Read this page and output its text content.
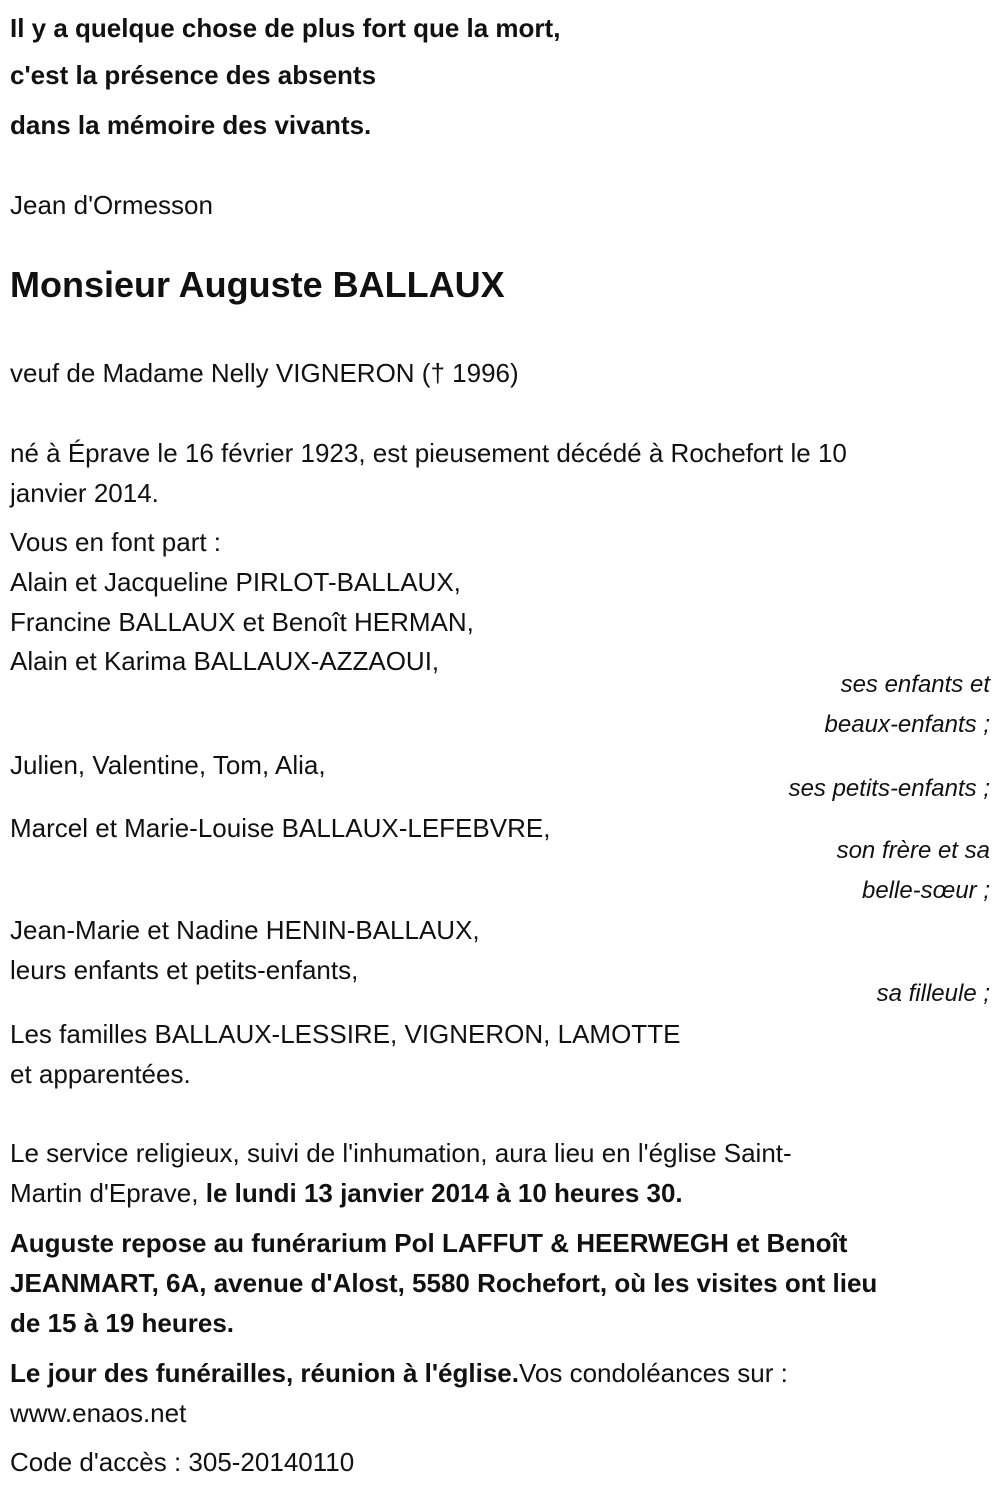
Il y a quelque chose de plus fort que la mort,
c'est la présence des absents
dans la mémoire des vivants.
Jean d'Ormesson
Monsieur Auguste BALLAUX
veuf de Madame Nelly VIGNERON († 1996)
né à Éprave le 16 février 1923, est pieusement décédé à Rochefort le 10
janvier 2014.
Vous en font part :
Alain et Jacqueline PIRLOT-BALLAUX,
Francine BALLAUX et Benoît HERMAN,
Alain et Karima BALLAUX-AZZAOUI,
ses enfants et
beaux-enfants ;
Julien, Valentine, Tom, Alia,
ses petits-enfants ;
Marcel et Marie-Louise BALLAUX-LEFEBVRE,
son frère et sa
belle-sœur ;
Jean-Marie et Nadine HENIN-BALLAUX,
leurs enfants et petits-enfants,
sa filleule ;
Les familles BALLAUX-LESSIRE, VIGNERON, LAMOTTE
et apparentées.
Le service religieux, suivi de l'inhumation, aura lieu en l'église Saint-
Martin d'Eprave, le lundi 13 janvier 2014 à 10 heures 30.
Auguste repose au funérarium Pol LAFFUT & HEERWEGH et Benoît
JEANMART, 6A, avenue d'Alost, 5580 Rochefort, où les visites ont lieu
de 15 à 19 heures.
Le jour des funérailles, réunion à l'église.Vos condoléances sur :
www.enaos.net
Code d'accès : 305-20140110
